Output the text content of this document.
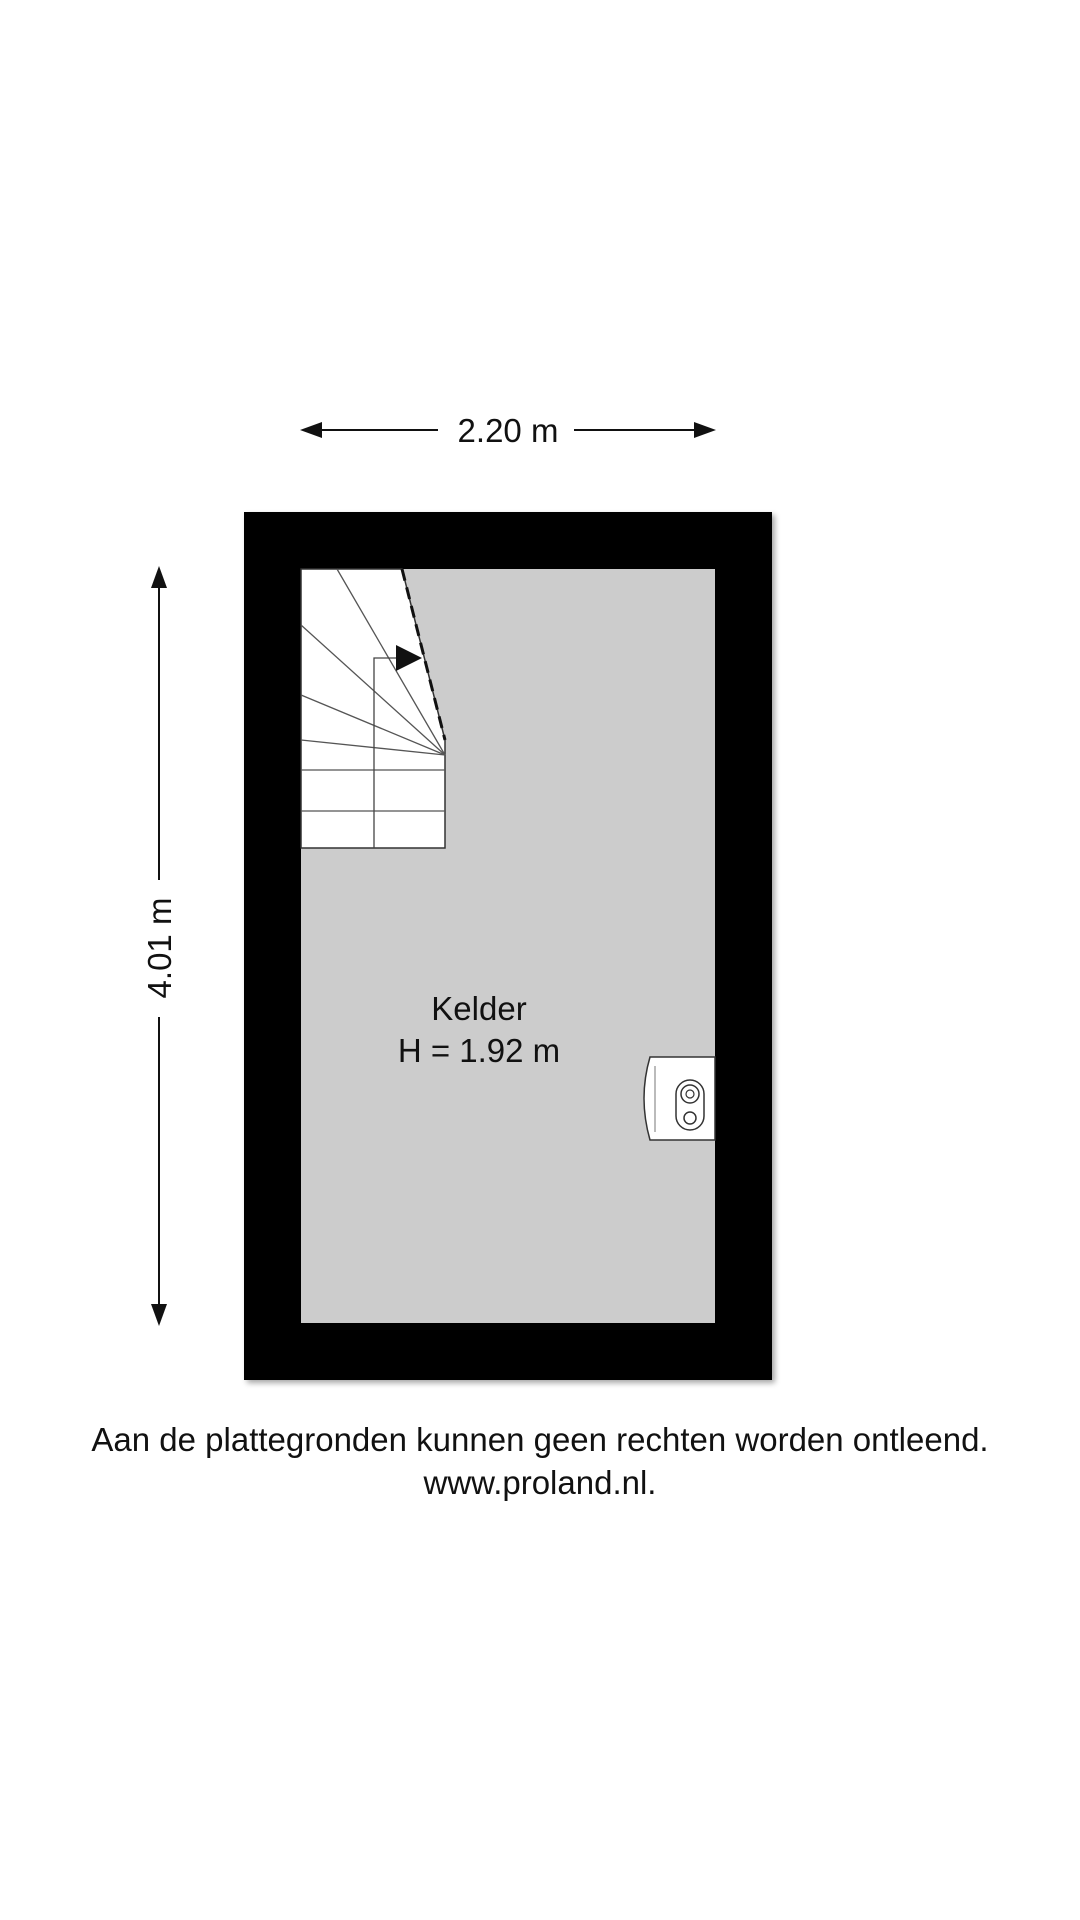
2.20 m
4.01 m
Kelder
H = 1.92 m
Aan de plattegronden kunnen geen rechten worden ontleend.
www.proland.nl.
